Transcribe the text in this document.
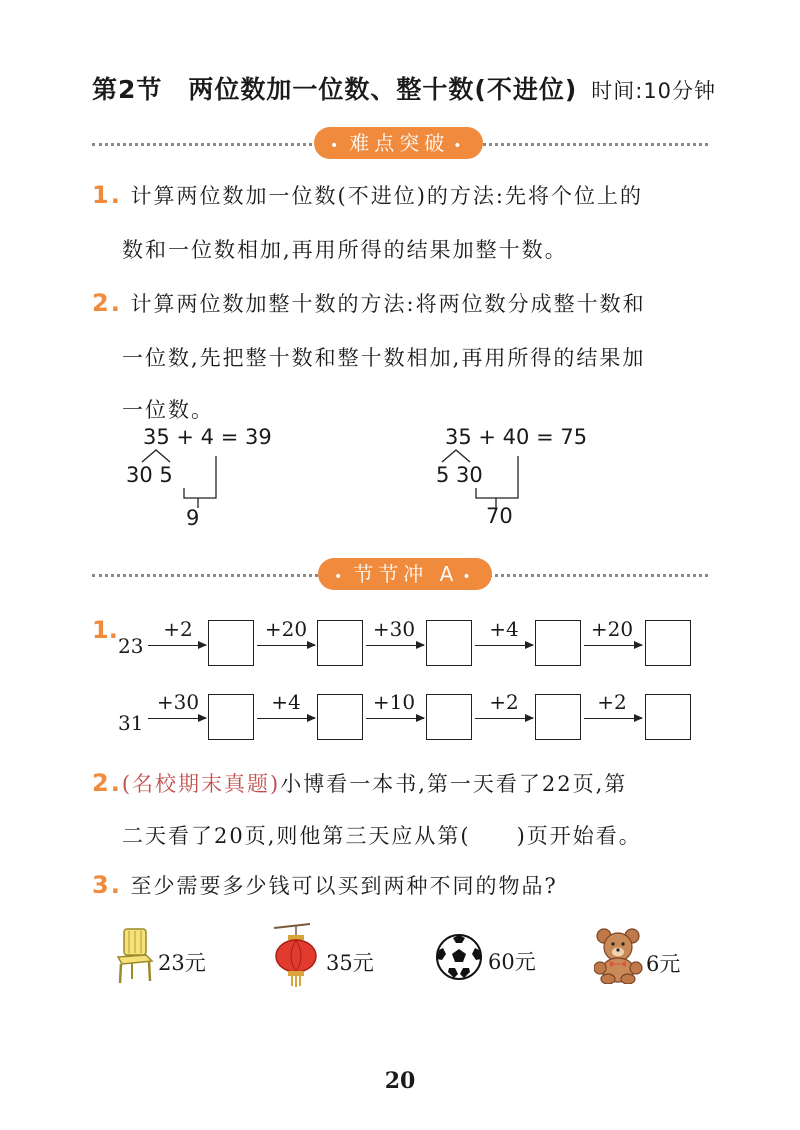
第2节　两位数加一位数、整十数(不进位) 时间:10分钟
• 难点突破 •
1. 计算两位数加一位数(不进位)的方法:先将个位上的
数和一位数相加,再用所得的结果加整十数。
2. 计算两位数加整十数的方法:将两位数分成整十数和
一位数,先把整十数和整十数相加,再用所得的结果加
一位数。
35 + 4 = 39
30 5
9
35 + 40 = 75
5 30
70
• 节节冲 A •
1.
23
+2	+20	+30	+4	+20
31
+30	+4	+10	+2	+2
2.(名校期末真题)小博看一本书,第一天看了22页,第
二天看了20页,则他第三天应从第(　　)页开始看。
3. 至少需要多少钱可以买到两种不同的物品?
23元	35元	60元	6元
20
